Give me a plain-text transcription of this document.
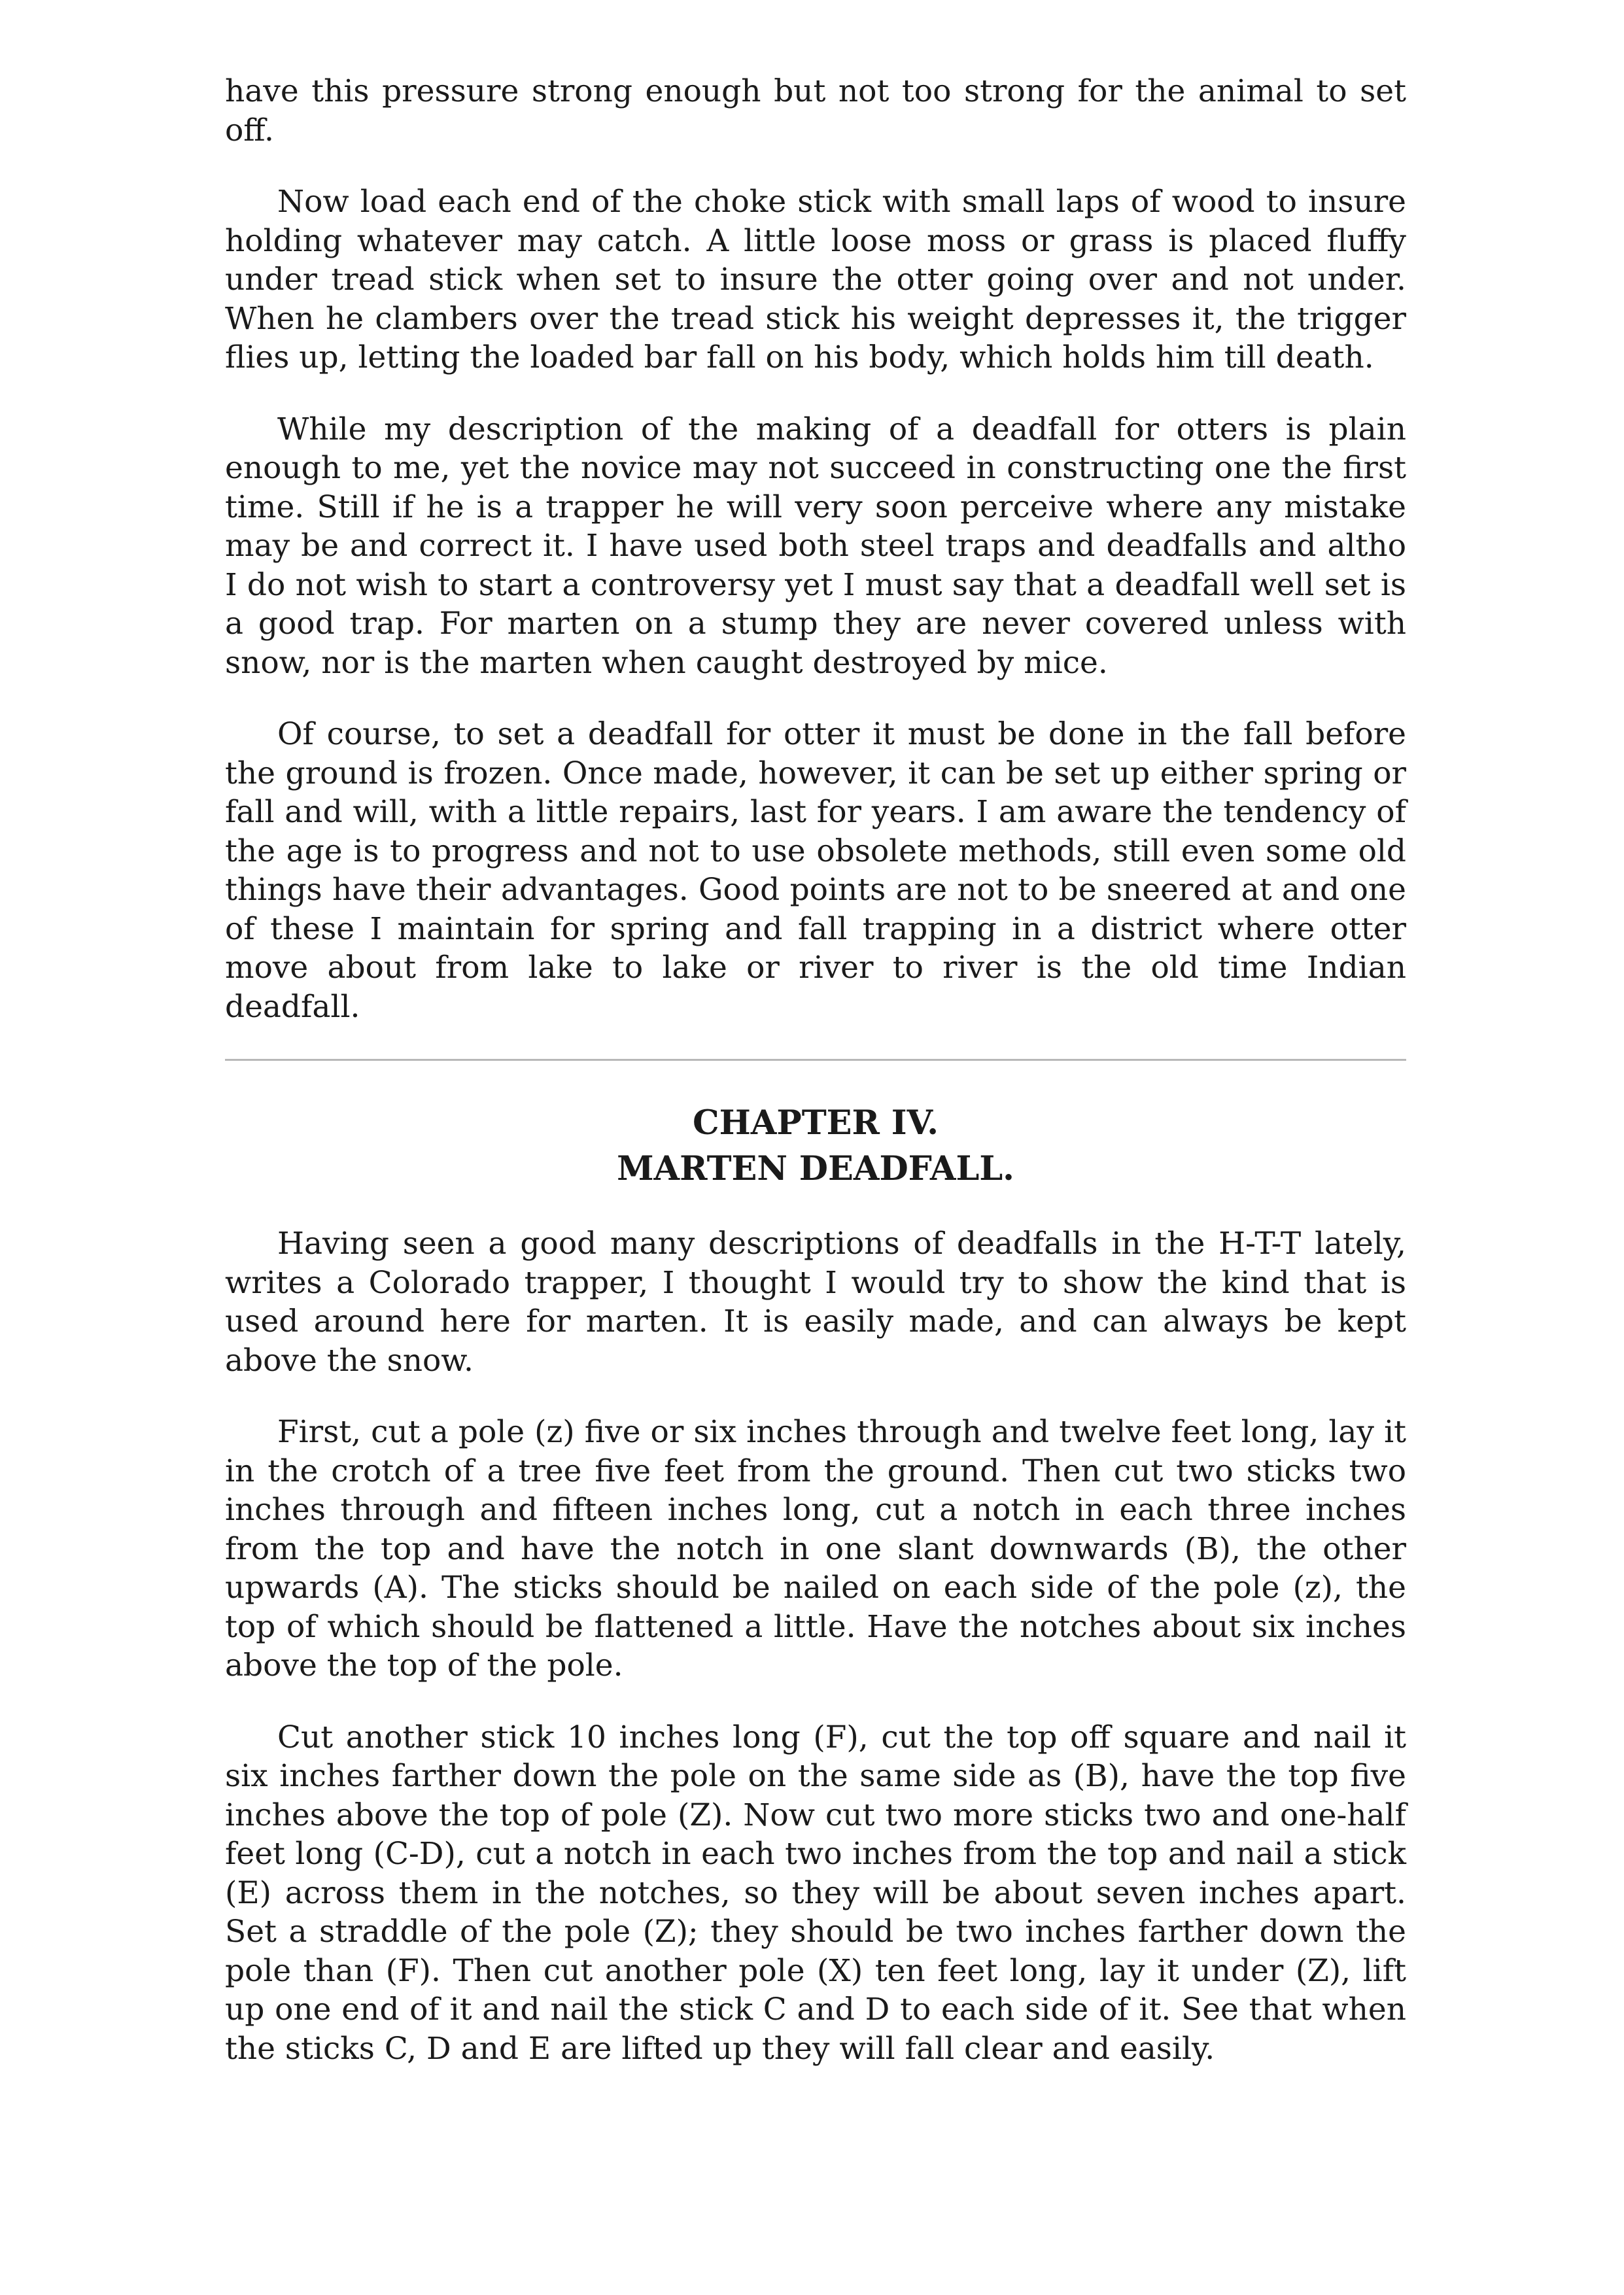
have this pressure strong enough but not too strong for the animal to set off.

Now load each end of the choke stick with small laps of wood to insure holding whatever may catch. A little loose moss or grass is placed fluffy under tread stick when set to insure the otter going over and not under. When he clambers over the tread stick his weight depresses it, the trigger flies up, letting the loaded bar fall on his body, which holds him till death.

While my description of the making of a deadfall for otters is plain enough to me, yet the novice may not succeed in constructing one the first time. Still if he is a trapper he will very soon perceive where any mistake may be and correct it. I have used both steel traps and deadfalls and altho I do not wish to start a controversy yet I must say that a deadfall well set is a good trap. For marten on a stump they are never covered unless with snow, nor is the marten when caught destroyed by mice.

Of course, to set a deadfall for otter it must be done in the fall before the ground is frozen. Once made, however, it can be set up either spring or fall and will, with a little repairs, last for years. I am aware the tendency of the age is to progress and not to use obsolete methods, still even some old things have their advantages. Good points are not to be sneered at and one of these I maintain for spring and fall trapping in a district where otter move about from lake to lake or river to river is the old time Indian deadfall.

CHAPTER IV.
MARTEN DEADFALL.

Having seen a good many descriptions of deadfalls in the H-T-T lately, writes a Colorado trapper, I thought I would try to show the kind that is used around here for marten. It is easily made, and can always be kept above the snow.

First, cut a pole (z) five or six inches through and twelve feet long, lay it in the crotch of a tree five feet from the ground. Then cut two sticks two inches through and fifteen inches long, cut a notch in each three inches from the top and have the notch in one slant downwards (B), the other upwards (A). The sticks should be nailed on each side of the pole (z), the top of which should be flattened a little. Have the notches about six inches above the top of the pole.

Cut another stick 10 inches long (F), cut the top off square and nail it six inches farther down the pole on the same side as (B), have the top five inches above the top of pole (Z). Now cut two more sticks two and one-half feet long (C-D), cut a notch in each two inches from the top and nail a stick (E) across them in the notches, so they will be about seven inches apart. Set a straddle of the pole (Z); they should be two inches farther down the pole than (F). Then cut another pole (X) ten feet long, lay it under (Z), lift up one end of it and nail the stick C and D to each side of it. See that when the sticks C, D and E are lifted up they will fall clear and easily.
